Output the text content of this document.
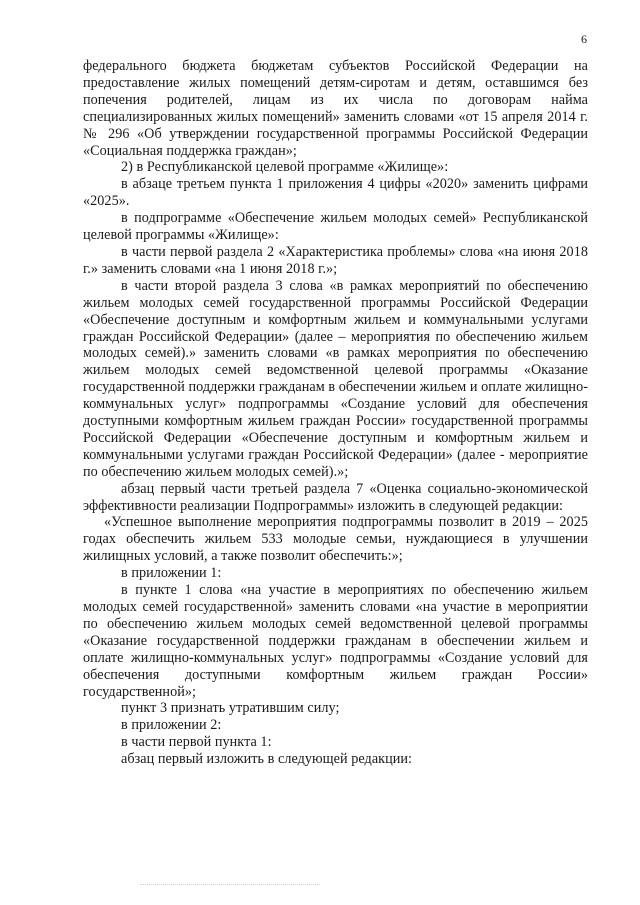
6

федерального бюджета бюджетам субъектов Российской Федерации на предоставление жилых помещений детям-сиротам и детям, оставшимся без попечения родителей, лицам из их числа по договорам найма специализированных жилых помещений» заменить словами «от 15 апреля 2014 г. № 296 «Об утверждении государственной программы Российской Федерации «Социальная поддержка граждан»;

2) в Республиканской целевой программе «Жилище»:

в абзаце третьем пункта 1 приложения 4 цифры «2020» заменить цифрами «2025».

в подпрограмме «Обеспечение жильем молодых семей» Республиканской целевой программы «Жилище»:

в части первой раздела 2 «Характеристика проблемы» слова «на июня 2018 г.» заменить словами «на 1 июня 2018 г.»;

в части второй раздела 3 слова «в рамках мероприятий по обеспечению жильем молодых семей государственной программы Российской Федерации «Обеспечение доступным и комфортным жильем и коммунальными услугами граждан Российской Федерации» (далее – мероприятия по обеспечению жильем молодых семей).» заменить словами «в рамках мероприятия по обеспечению жильем молодых семей ведомственной целевой программы «Оказание государственной поддержки гражданам в обеспечении жильем и оплате жилищно-коммунальных услуг» подпрограммы «Создание условий для обеспечения доступными комфортным жильем граждан России» государственной программы Российской Федерации «Обеспечение доступным и комфортным жильем и коммунальными услугами граждан Российской Федерации» (далее - мероприятие по обеспечению жильем молодых семей).»;

абзац первый части третьей раздела 7 «Оценка социально-экономической эффективности реализации Подпрограммы» изложить в следующей редакции:

«Успешное выполнение мероприятия подпрограммы позволит в 2019 – 2025 годах обеспечить жильем 533 молодые семьи, нуждающиеся в улучшении жилищных условий, а также позволит обеспечить:»;

в приложении 1:

в пункте 1 слова «на участие в мероприятиях по обеспечению жильем молодых семей государственной» заменить словами «на участие в мероприятии по обеспечению жильем молодых семей ведомственной целевой программы «Оказание государственной поддержки гражданам в обеспечении жильем и оплате жилищно-коммунальных услуг» подпрограммы «Создание условий для обеспечения доступными комфортным жильем граждан России» государственной»;

пункт 3 признать утратившим силу;

в приложении 2:

в части первой пункта 1:

абзац первый изложить в следующей редакции:
